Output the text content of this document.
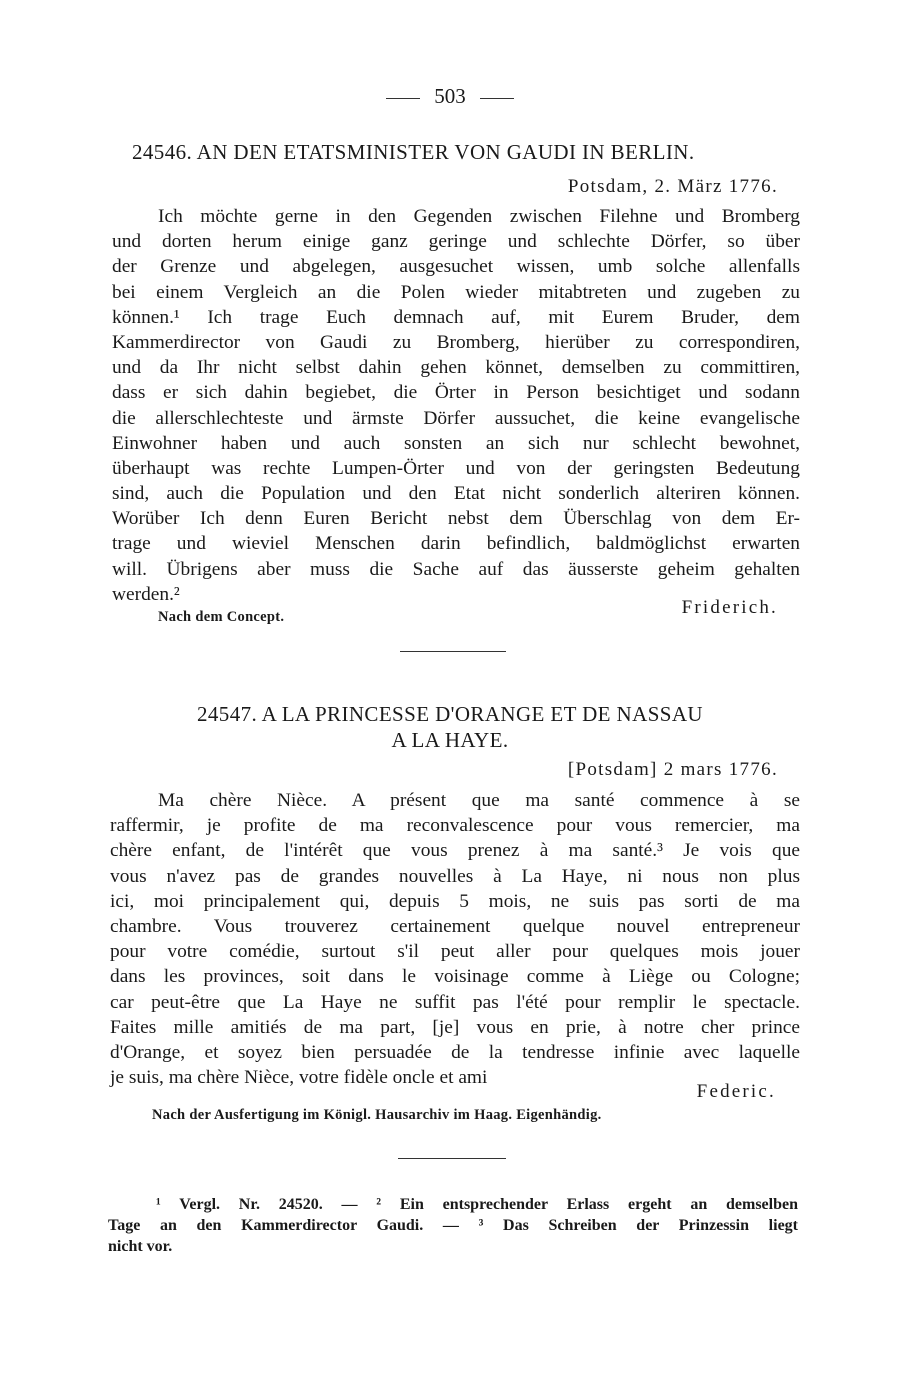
503
24546. AN DEN ETATSMINISTER VON GAUDI IN BERLIN.
Potsdam, 2. März 1776.
Ich möchte gerne in den Gegenden zwischen Filehne und Bromberg
und dorten herum einige ganz geringe und schlechte Dörfer, so über
der Grenze und abgelegen, ausgesuchet wissen, umb solche allenfalls
bei einem Vergleich an die Polen wieder mitabtreten und zugeben zu
können.¹ Ich trage Euch demnach auf, mit Eurem Bruder, dem
Kammerdirector von Gaudi zu Bromberg, hierüber zu correspondiren,
und da Ihr nicht selbst dahin gehen könnet, demselben zu committiren,
dass er sich dahin begiebet, die Örter in Person besichtiget und sodann
die allerschlechteste und ärmste Dörfer aussuchet, die keine evangelische
Einwohner haben und auch sonsten an sich nur schlecht bewohnet,
überhaupt was rechte Lumpen-Örter und von der geringsten Bedeutung
sind, auch die Population und den Etat nicht sonderlich alteriren können.
Worüber Ich denn Euren Bericht nebst dem Überschlag von dem Er-
trage und wieviel Menschen darin befindlich, baldmöglichst erwarten
will. Übrigens aber muss die Sache auf das äusserste geheim gehalten
werden.²
Friderich.
Nach dem Concept.
24547. A LA PRINCESSE D'ORANGE ET DE NASSAU
A LA HAYE.
[Potsdam] 2 mars 1776.
Ma chère Nièce. A présent que ma santé commence à se
raffermir, je profite de ma reconvalescence pour vous remercier, ma
chère enfant, de l'intérêt que vous prenez à ma santé.³ Je vois que
vous n'avez pas de grandes nouvelles à La Haye, ni nous non plus
ici, moi principalement qui, depuis 5 mois, ne suis pas sorti de ma
chambre. Vous trouverez certainement quelque nouvel entrepreneur
pour votre comédie, surtout s'il peut aller pour quelques mois jouer
dans les provinces, soit dans le voisinage comme à Liège ou Cologne;
car peut-être que La Haye ne suffit pas l'été pour remplir le spectacle.
Faites mille amitiés de ma part, [je] vous en prie, à notre cher prince
d'Orange, et soyez bien persuadée de la tendresse infinie avec laquelle
je suis, ma chère Nièce, votre fidèle oncle et ami
Federic.
Nach der Ausfertigung im Königl. Hausarchiv im Haag. Eigenhändig.
¹ Vergl. Nr. 24520. — ² Ein entsprechender Erlass ergeht an demselben
Tage an den Kammerdirector Gaudi. — ³ Das Schreiben der Prinzessin liegt
nicht vor.
